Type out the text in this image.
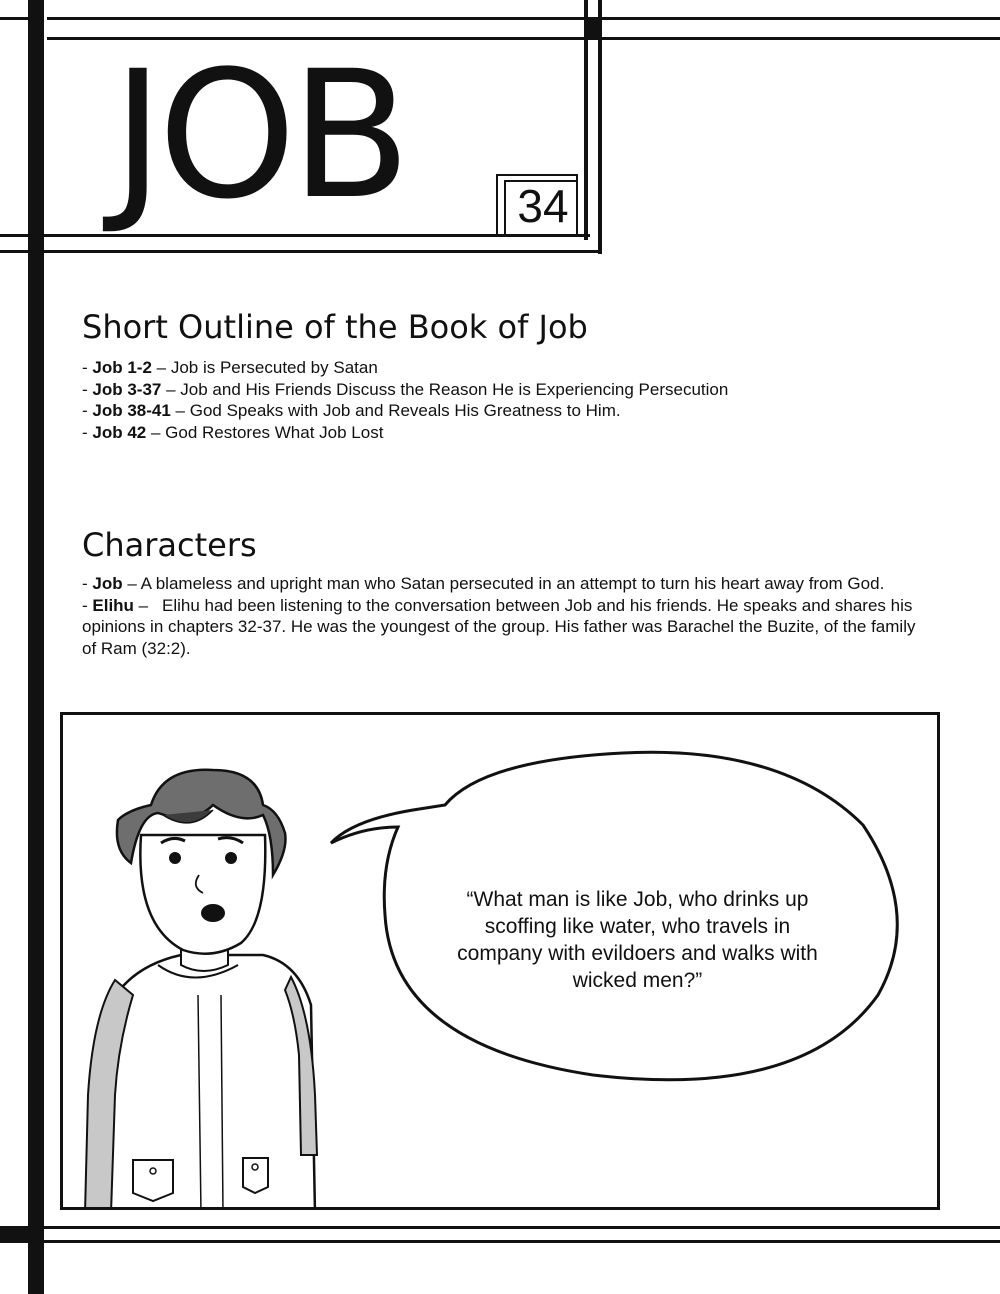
JOB 34
Short Outline of the Book of Job
- Job 1-2 – Job is Persecuted by Satan
- Job 3-37 – Job and His Friends Discuss the Reason He is Experiencing Persecution
- Job 38-41 – God Speaks with Job and Reveals His Greatness to Him.
- Job 42 – God Restores What Job Lost
Characters
- Job – A blameless and upright man who Satan persecuted in an attempt to turn his heart away from God.
- Elihu – Elihu had been listening to the conversation between Job and his friends. He speaks and shares his opinions in chapters 32-37. He was the youngest of the group. His father was Barachel the Buzite, of the family of Ram (32:2).
“What man is like Job, who drinks up scoffing like water, who travels in company with evildoers and walks with wicked men?”
